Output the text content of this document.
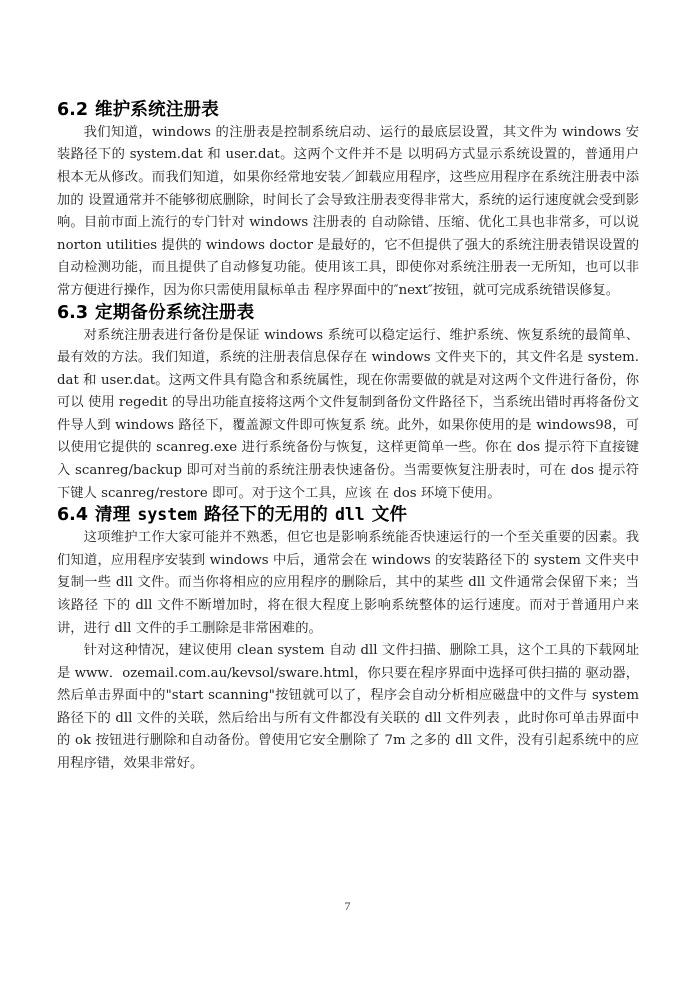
6.2 维护系统注册表

我们知道，windows 的注册表是控制系统启动、运行的最底层设置，其文件为 windows 安装路径下的 system.dat 和 user.dat。这两个文件并不是 以明码方式显示系统设置的，普通用户根本无从修改。而我们知道，如果你经常地安装／卸载应用程序，这些应用程序在系统注册表中添加的 设置通常并不能够彻底删除，时间长了会导致注册表变得非常大，系统的运行速度就会受到影响。目前市面上流行的专门针对 windows 注册表的 自动除错、压缩、优化工具也非常多，可以说 norton utilities 提供的 windows doctor 是最好的，它不但提供了强大的系统注册表错误设置的 自动检测功能，而且提供了自动修复功能。使用该工具，即使你对系统注册表一无所知，也可以非常方便进行操作，因为你只需使用鼠标单击 程序界面中的″next″按钮，就可完成系统错误修复。

6.3 定期备份系统注册表

对系统注册表进行备份是保证 windows 系统可以稳定运行、维护系统、恢复系统的最简单、最有效的方法。我们知道，系统的注册表信息保存在 windows 文件夹下的，其文件名是 system.dat 和 user.dat。这两文件具有隐含和系统属性，现在你需要做的就是对这两个文件进行备份，你可以 使用 regedit 的导出功能直接将这两个文件复制到备份文件路径下，当系统出错时再将备份文件导人到 windows 路径下，覆盖源文件即可恢复系 统。此外，如果你使用的是 windows98，可以使用它提供的 scanreg.exe 进行系统备份与恢复，这样更简单一些。你在 dos 提示符下直接键入 scanreg/backup 即可对当前的系统注册表快速备份。当需要恢复注册表时，可在 dos 提示符下键人 scanreg/restore 即可。对于这个工具，应该 在 dos 环境下使用。

6.4 清理 system 路径下的无用的 dll 文件

这项维护工作大家可能并不熟悉，但它也是影响系统能否快速运行的一个至关重要的因素。我们知道，应用程序安装到 windows 中后，通常会在 windows 的安装路径下的 system 文件夹中复制一些 dll 文件。而当你将相应的应用程序的删除后，其中的某些 dll 文件通常会保留下来；当该路径 下的 dll 文件不断增加时，将在很大程度上影响系统整体的运行速度。而对于普通用户来讲，进行 dll 文件的手工删除是非常困难的。

针对这种情况，建议使用 clean system 自动 dll 文件扫描、删除工具，这个工具的下载网址是 www．ozemail.com.au/kevsol/sware.html，你只要在程序界面中选择可供扫描的 驱动器，然后单击界面中的"start scanning"按钮就可以了，程序会自动分析相应磁盘中的文件与 system 路径下的 dll 文件的关联，然后给出与所有文件都没有关联的 dll 文件列表 ，此时你可单击界面中的 ok 按钮进行删除和自动备份。曾使用它安全删除了 7m 之多的 dll 文件，没有引起系统中的应用程序错，效果非常好。

7
